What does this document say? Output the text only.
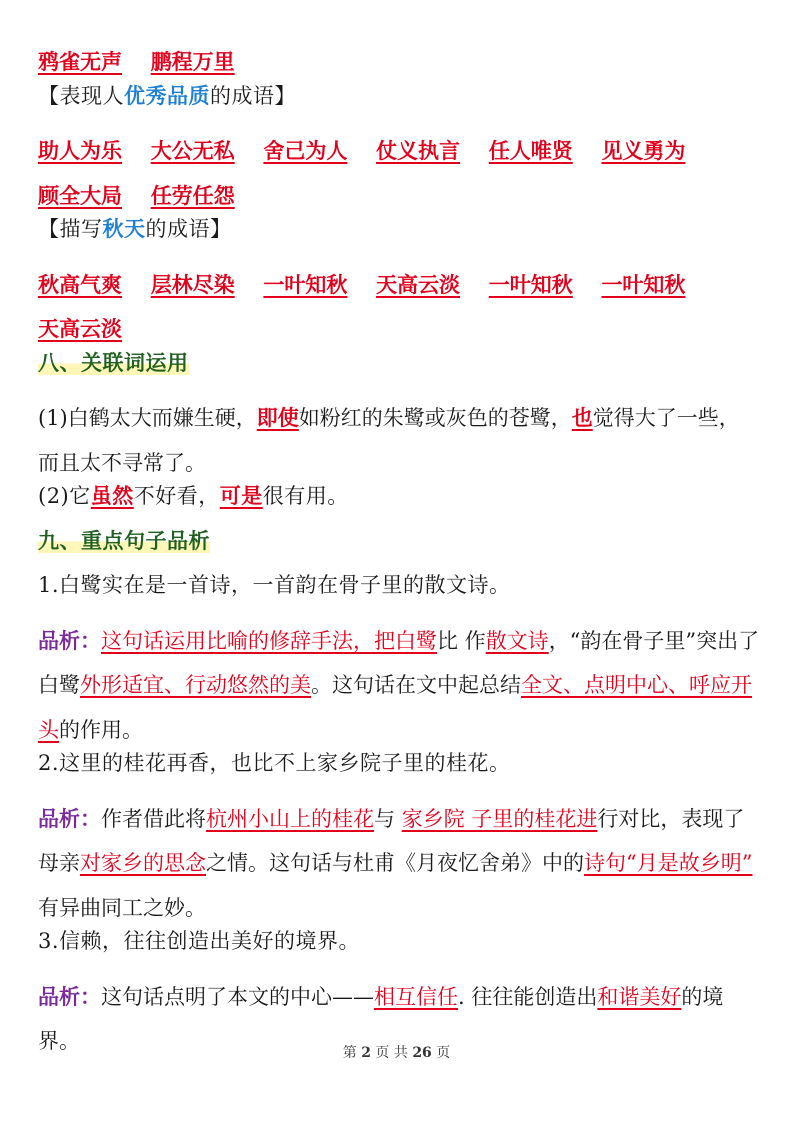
鸦雀无声 鹏程万里
【表现人优秀品质的成语】
助人为乐 大公无私 舍己为人 仗义执言 任人唯贤 见义勇为
顾全大局 任劳任怨
【描写秋天的成语】
秋高气爽 层林尽染 一叶知秋 天高云淡 一叶知秋 一叶知秋
天高云淡
八、关联词运用
(1)白鹤太大而嫌生硬，即使如粉红的朱鹭或灰色的苍鹭，也觉得大了一些，而且太不寻常了。
(2)它虽然不好看，可是很有用。
九、重点句子品析
1.白鹭实在是一首诗，一首韵在骨子里的散文诗。
品析：这句话运用比喻的修辞手法，把白鹭比 作散文诗，“韵在骨子里”突出了白鹭外形适宜、行动悠然的美。这句话在文中起总结全文、点明中心、呼应开头的作用。
2.这里的桂花再香，也比不上家乡院子里的桂花。
品析：作者借此将杭州小山上的桂花与 家乡院 子里的桂花进行对比，表现了母亲对家乡的思念之情。这句话与杜甫《月夜忆舍弟》中的诗句“月是故乡明” 有异曲同工之妙。
3.信赖，往往创造出美好的境界。
品析：这句话点明了本文的中心——相互信任. 往往能创造出和谐美好的境界。	第 2 页 共 26 页
